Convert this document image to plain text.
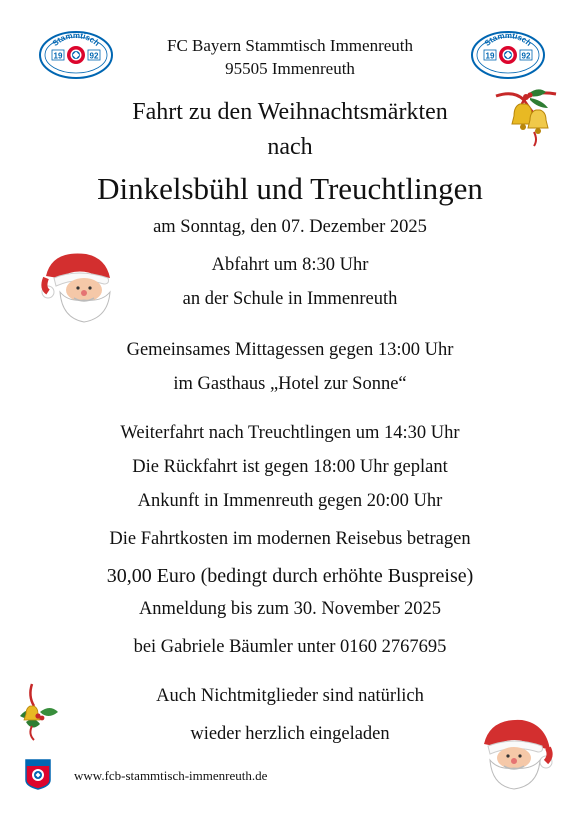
Stammtisch
19	92
Stammtisch
19	92
FC Bayern Stammtisch Immenreuth
95505 Immenreuth
Fahrt zu den Weihnachtsmärkten
nach
Dinkelsbühl und Treuchtlingen
am Sonntag, den 07. Dezember 2025
Abfahrt um 8:30 Uhr
an der Schule in Immenreuth
Gemeinsames Mittagessen gegen 13:00 Uhr
im Gasthaus „Hotel zur Sonne“
Weiterfahrt nach Treuchtlingen um 14:30 Uhr
Die Rückfahrt ist gegen 18:00 Uhr geplant
Ankunft in Immenreuth gegen 20:00 Uhr
Die Fahrtkosten im modernen Reisebus betragen
30,00 Euro (bedingt durch erhöhte Buspreise)
Anmeldung bis zum 30. November 2025
bei Gabriele Bäumler unter 0160 2767695
Auch Nichtmitglieder sind natürlich
wieder herzlich eingeladen
www.fcb-stammtisch-immenreuth.de
